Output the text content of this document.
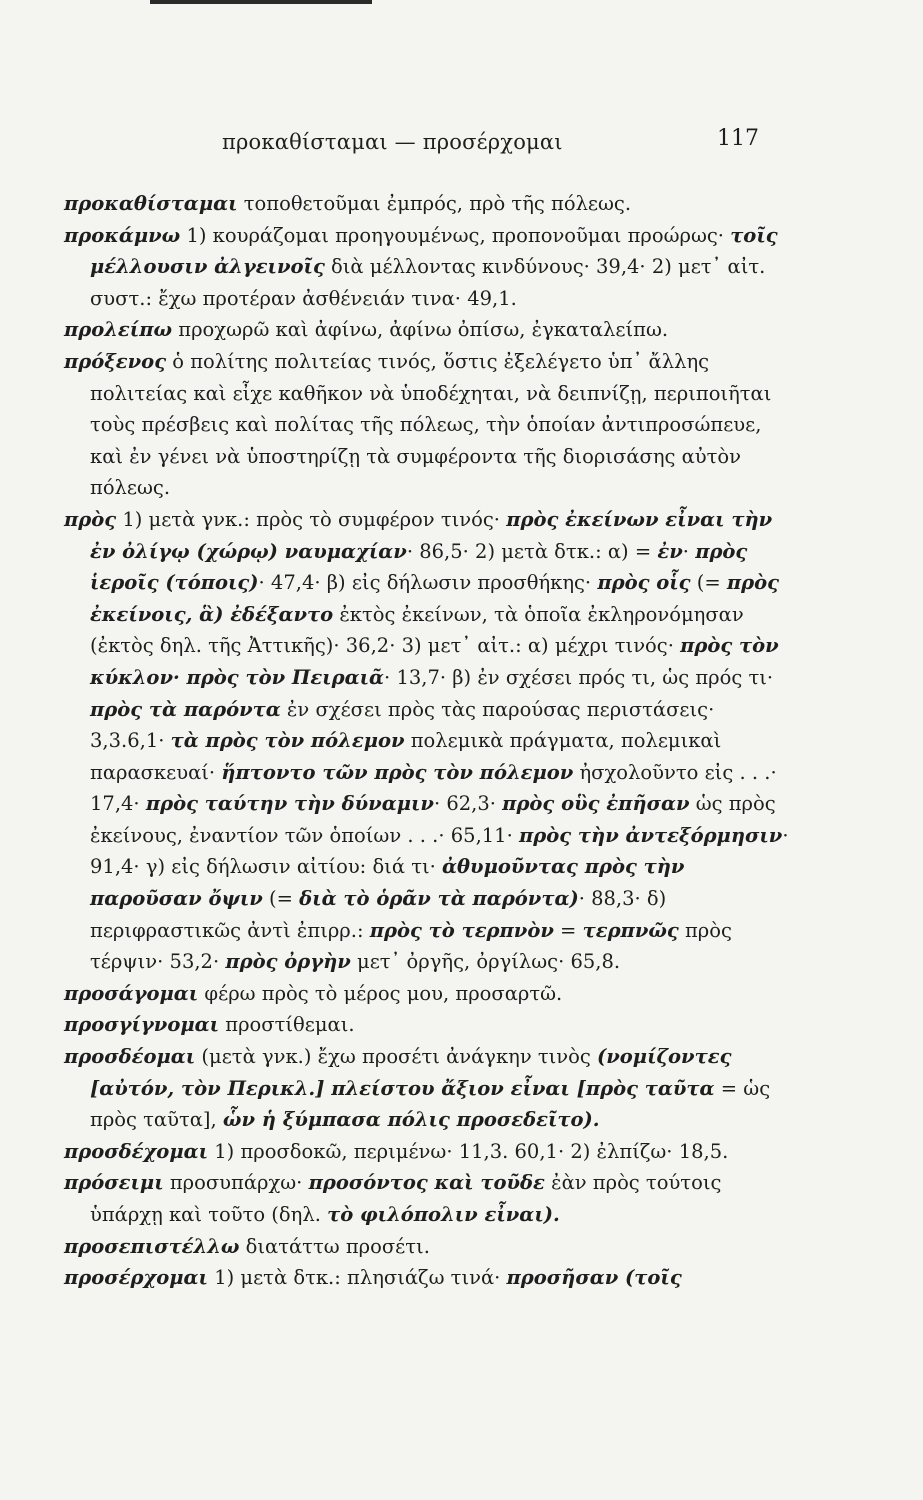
προκαθίσταμαι — προσέρχομαι	117

προκαθίσταμαι τοποθετοῦμαι ἐμπρός, πρὸ τῆς πόλεως.

προκάμνω 1) κουράζομαι προηγουμένως, προπονοῦμαι προώρως· τοῖς μέλλουσιν ἀλγεινοῖς διὰ μέλλοντας κινδύνους· 39,4· 2) μετ᾽ αἰτ. συστ.: ἔχω προτέραν ἀσθένειάν τινα· 49,1.

προλείπω προχωρῶ καὶ ἀφίνω, ἀφίνω ὀπίσω, ἐγκαταλείπω.

πρόξενος ὁ πολίτης πολιτείας τινός, ὅστις ἐξελέγετο ὑπ᾽ ἄλλης πολιτείας καὶ εἶχε καθῆκον νὰ ὑποδέχηται, νὰ δειπνίζῃ, περιποιῆται τοὺς πρέσβεις καὶ πολίτας τῆς πόλεως, τὴν ὁποίαν ἀντιπροσώπευε, καὶ ἐν γένει νὰ ὑποστηρίζῃ τὰ συμφέροντα τῆς διορισάσης αὐτὸν πόλεως.

πρὸς 1) μετὰ γνκ.: πρὸς τὸ συμφέρον τινός· πρὸς ἐκείνων εἶναι τὴν ἐν ὀλίγῳ (χώρῳ) ναυμαχίαν· 86,5· 2) μετὰ δτκ.: α) = ἐν· πρὸς ἱεροῖς (τόποις)· 47,4· β) εἰς δήλωσιν προσθήκης· πρὸς οἷς (= πρὸς ἐκείνοις, ἃ) ἐδέξαντο ἐκτὸς ἐκείνων, τὰ ὁποῖα ἐκληρονόμησαν (ἐκτὸς δηλ. τῆς Ἀττικῆς)· 36,2· 3) μετ᾽ αἰτ.: α) μέχρι τινός· πρὸς τὸν κύκλον· πρὸς τὸν Πειραιᾶ· 13,7· β) ἐν σχέσει πρός τι, ὡς πρός τι· πρὸς τὰ παρόντα ἐν σχέσει πρὸς τὰς παρούσας περιστάσεις· 3,3.6,1· τὰ πρὸς τὸν πόλεμον πολεμικὰ πράγματα, πολεμικαὶ παρασκευαί· ἥπτοντο τῶν πρὸς τὸν πόλεμον ἠσχολοῦντο εἰς . . .· 17,4· πρὸς ταύτην τὴν δύναμιν· 62,3· πρὸς οὓς ἐπῆσαν ὡς πρὸς ἐκείνους, ἐναντίον τῶν ὁποίων . . .· 65,11· πρὸς τὴν ἀντεξόρμησιν· 91,4· γ) εἰς δήλωσιν αἰτίου: διά τι· ἀθυμοῦντας πρὸς τὴν παροῦσαν ὄψιν (= διὰ τὸ ὁρᾶν τὰ παρόντα)· 88,3· δ) περιφραστικῶς ἀντὶ ἐπιρρ.: πρὸς τὸ τερπνὸν = τερπνῶς πρὸς τέρψιν· 53,2· πρὸς ὀργὴν μετ᾽ ὀργῆς, ὀργίλως· 65,8.

προσάγομαι φέρω πρὸς τὸ μέρος μου, προσαρτῶ.

προσγίγνομαι προστίθεμαι.

προσδέομαι (μετὰ γνκ.) ἔχω προσέτι ἀνάγκην τινὸς (νομίζοντες [αὐτόν, τὸν Περικλ.] πλείστου ἄξιον εἶναι [πρὸς ταῦτα = ὡς πρὸς ταῦτα], ὧν ἡ ξύμπασα πόλις προσεδεῖτο).

προσδέχομαι 1) προσδοκῶ, περιμένω· 11,3. 60,1· 2) ἐλπίζω· 18,5.

πρόσειμι προσυπάρχω· προσόντος καὶ τοῦδε ἐὰν πρὸς τούτοις ὑπάρχῃ καὶ τοῦτο (δηλ. τὸ φιλόπολιν εἶναι).

προσεπιστέλλω διατάττω προσέτι.

προσέρχομαι 1) μετὰ δτκ.: πλησιάζω τινά· προσῆσαν (τοῖς
